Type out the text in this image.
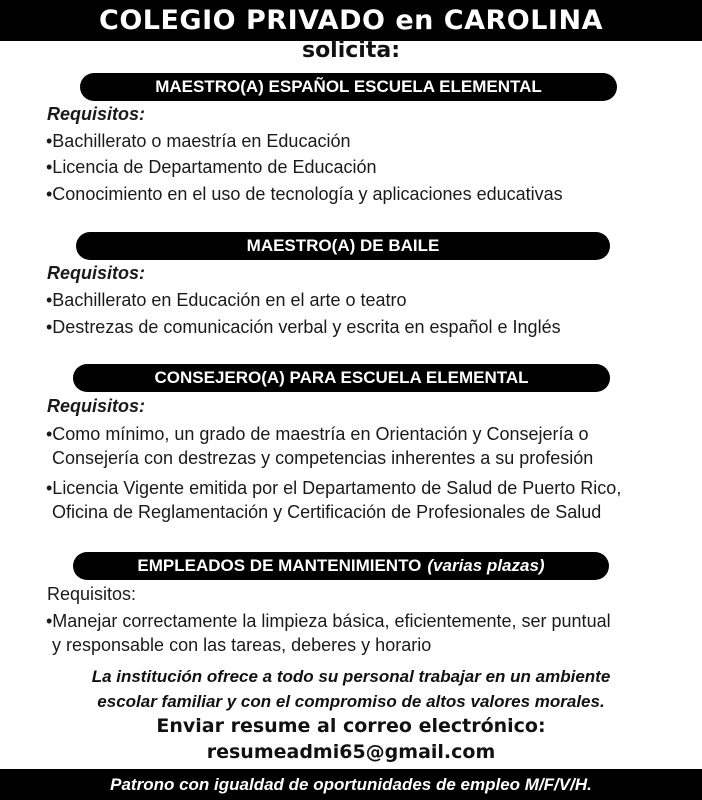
COLEGIO PRIVADO en CAROLINA
solicita:
MAESTRO(A) ESPAÑOL ESCUELA ELEMENTAL
Requisitos:
•Bachillerato o maestría en Educación
•Licencia de Departamento de Educación
•Conocimiento en el uso de tecnología y aplicaciones educativas
MAESTRO(A) DE BAILE
Requisitos:
•Bachillerato en Educación en el arte o teatro
•Destrezas de comunicación verbal y escrita en español e Inglés
CONSEJERO(A) PARA ESCUELA ELEMENTAL
Requisitos:
•Como mínimo, un grado de maestría en Orientación y Consejería o
Consejería con destrezas y competencias inherentes a su profesión
•Licencia Vigente emitida por el Departamento de Salud de Puerto Rico,
Oficina de Reglamentación y Certificación de Profesionales de Salud
EMPLEADOS DE MANTENIMIENTO (varias plazas)
Requisitos:
•Manejar correctamente la limpieza básica, eficientemente, ser puntual
y responsable con las tareas, deberes y horario
La institución ofrece a todo su personal trabajar en un ambiente
escolar familiar y con el compromiso de altos valores morales.
Enviar resume al correo electrónico:
resumeadmi65@gmail.com
Patrono con igualdad de oportunidades de empleo M/F/V/H.
